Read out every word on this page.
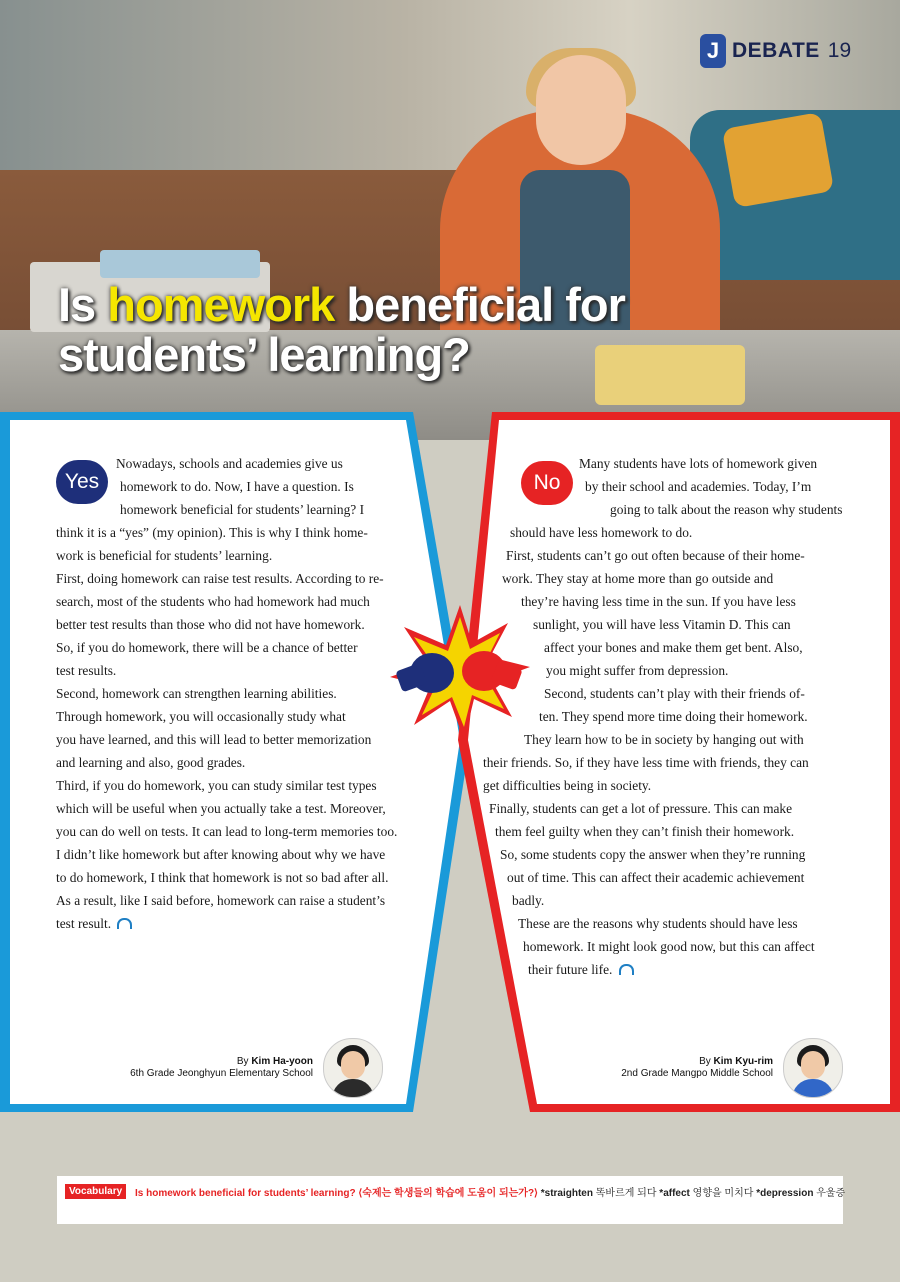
J DEBATE 19
Is homework beneficial for
students’ learning?
Yes
Nowadays, schools and academies give us
homework to do. Now, I have a question. Is
homework beneficial for students’ learning? I
think it is a “yes” (my opinion). This is why I think home-
work is beneficial for students’ learning.
First, doing homework can raise test results. According to re-
search, most of the students who had homework had much
better test results than those who did not have homework.
So, if you do homework, there will be a chance of better
test results.
Second, homework can strengthen learning abilities.
Through homework, you will occasionally study what
you have learned, and this will lead to better memorization
and learning and also, good grades.
Third, if you do homework, you can study similar test types
which will be useful when you actually take a test. Moreover,
you can do well on tests. It can lead to long-term memories too.
I didn’t like homework but after knowing about why we have
to do homework, I think that homework is not so bad after all.
As a result, like I said before, homework can raise a student’s
test result.
By Kim Ha-yoon
6th Grade Jeonghyun Elementary School
No
Many students have lots of homework given
by their school and academies. Today, I’m
going to talk about the reason why students
should have less homework to do.
First, students can’t go out often because of their home-
work. They stay at home more than go outside and
they’re having less time in the sun. If you have less
sunlight, you will have less Vitamin D. This can
affect your bones and make them get bent. Also,
you might suffer from depression.
Second, students can’t play with their friends of-
ten. They spend more time doing their homework.
They learn how to be in society by hanging out with
their friends. So, if they have less time with friends, they can
get difficulties being in society.
Finally, students can get a lot of pressure. This can make
them feel guilty when they can’t finish their homework.
So, some students copy the answer when they’re running
out of time. This can affect their academic achievement
badly.
These are the reasons why students should have less
homework. It might look good now, but this can affect
their future life.
By Kim Kyu-rim
2nd Grade Mangpo Middle School
Vocabulary	Is homework beneficial for students’ learning? ⟨숙제는 학생들의 학습에 도움이 되는가?⟩ *straighten 똑바르게 되다 *affect 영향을 미치다 *depression 우울증
